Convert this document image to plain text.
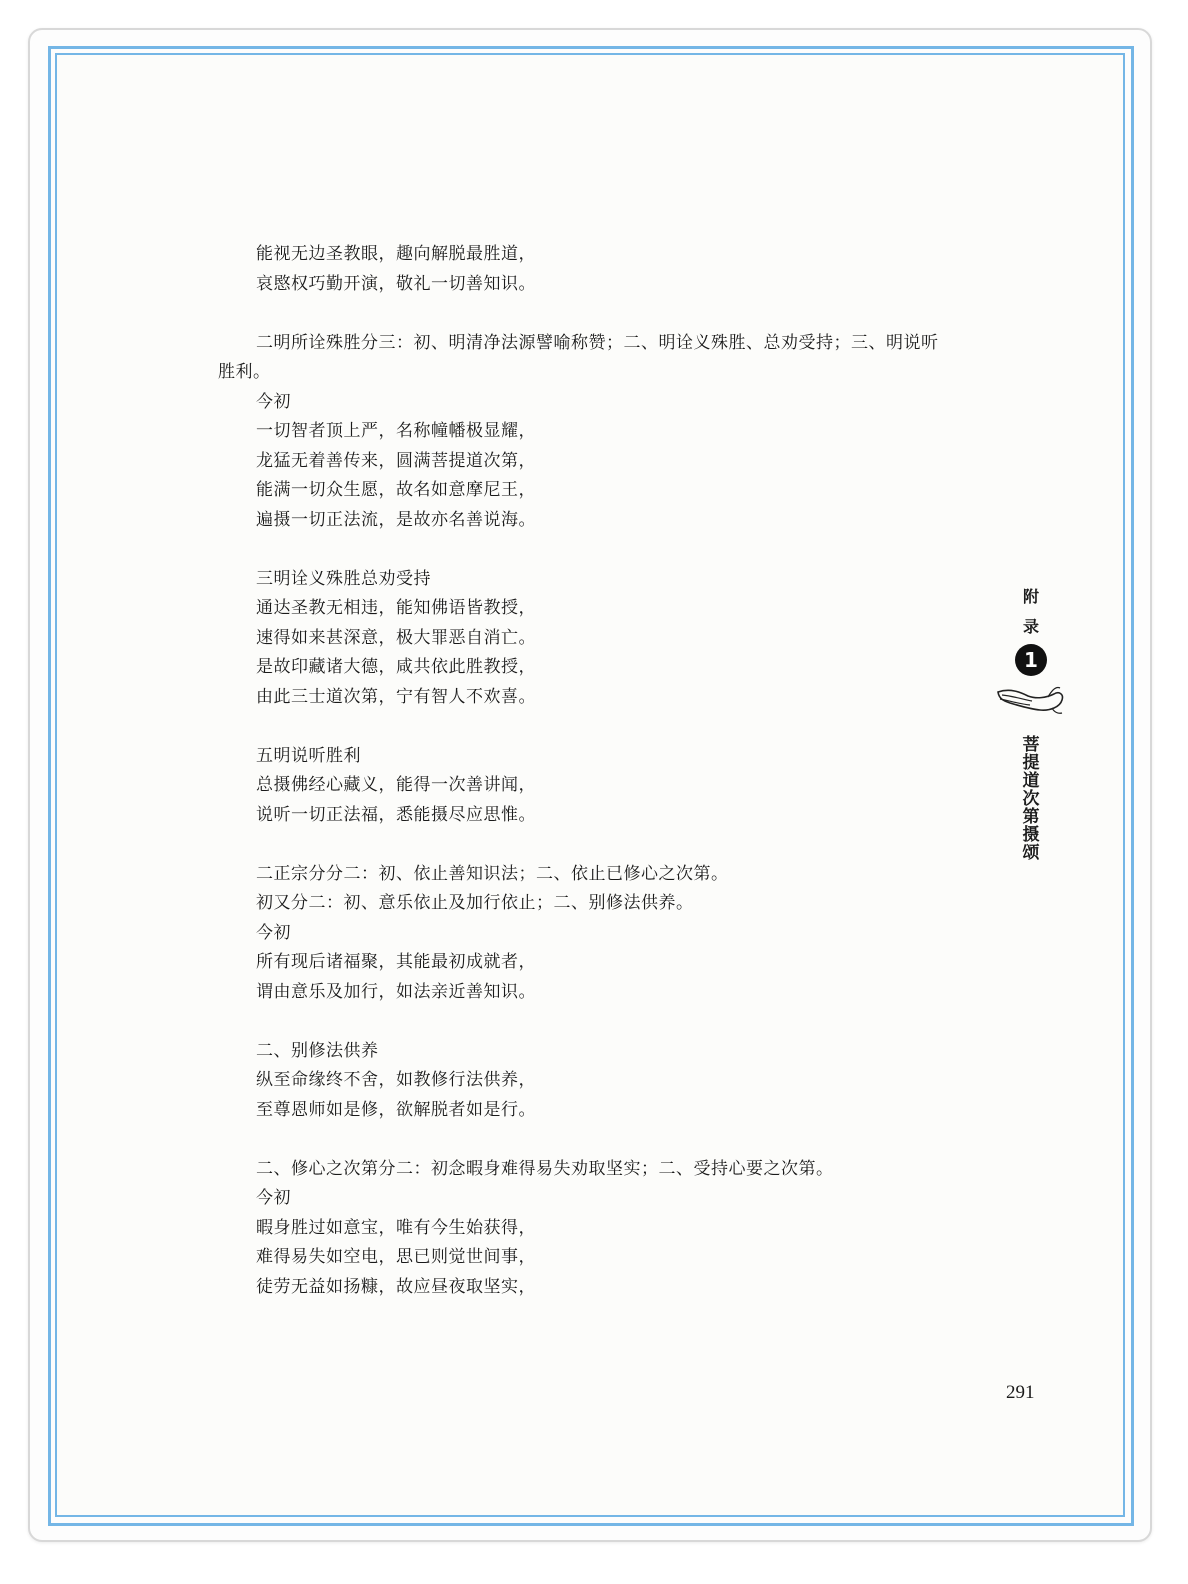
能视无边圣教眼，趣向解脱最胜道，
哀愍权巧勤开演，敬礼一切善知识。
二明所诠殊胜分三：初、明清净法源譬喻称赞；二、明诠义殊胜、总劝受持；三、明说听
胜利。
今初
一切智者顶上严，名称幢幡极显耀，
龙猛无着善传来，圆满菩提道次第，
能满一切众生愿，故名如意摩尼王，
遍摄一切正法流，是故亦名善说海。
三明诠义殊胜总劝受持
通达圣教无相违，能知佛语皆教授，
速得如来甚深意，极大罪恶自消亡。
是故印藏诸大德，咸共依此胜教授，
由此三士道次第，宁有智人不欢喜。
五明说听胜利
总摄佛经心藏义，能得一次善讲闻，
说听一切正法福，悉能摄尽应思惟。
二正宗分分二：初、依止善知识法；二、依止已修心之次第。
初又分二：初、意乐依止及加行依止；二、别修法供养。
今初
所有现后诸福聚，其能最初成就者，
谓由意乐及加行，如法亲近善知识。
二、别修法供养
纵至命缘终不舍，如教修行法供养，
至尊恩师如是修，欲解脱者如是行。
二、修心之次第分二：初念暇身难得易失劝取坚实；二、受持心要之次第。
今初
暇身胜过如意宝，唯有今生始获得，
难得易失如空电，思已则觉世间事，
徒劳无益如扬糠，故应昼夜取坚实，
附
录
1
菩
提
道
次
第
摄
颂
291
